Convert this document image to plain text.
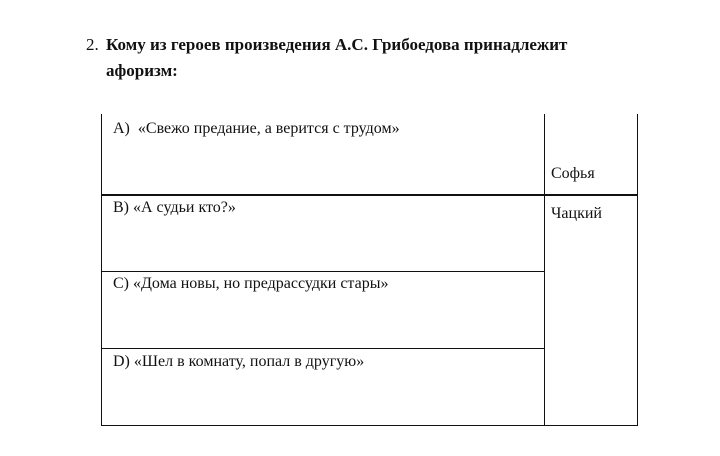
2. Кому из героев произведения А.С. Грибоедова принадлежит
афоризм:
A) «Свежо предание, а верится с трудом»
B) «А судьи кто?»
C) «Дома новы, но предрассудки стары»
D) «Шел в комнату, попал в другую»
Софья
Чацкий
